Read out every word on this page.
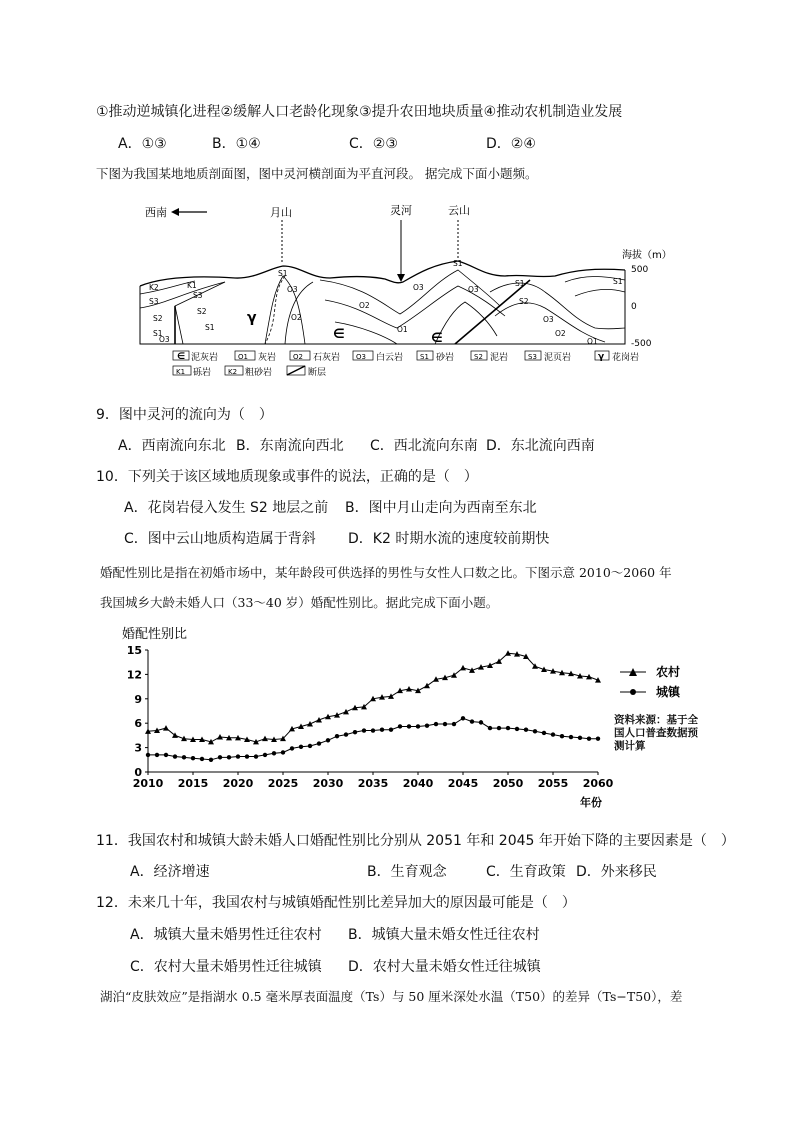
①推动逆城镇化进程②缓解人口老龄化现象③提升农田地块质量④推动农机制造业发展
A．①③	B．①④	C．②③	D．②④
下图为我国某地地质剖面图，图中灵河横剖面为平直河段。 据完成下面小题频。
西南	月山	灵河	云山
海拔（m）
500
0
-500
K2	K1
S3
S2
S1
O3
S3
S2
S1
S1
O3
O2
O3
O2
O1
S1
O3
S1
S2
O3
O2
O1
S1
γ
∈	∈
∈ 泥灰岩	O1 灰岩 O2 石灰岩 O3 白云岩 S1 砂岩	S2 泥岩	S3 泥页岩	γ 花岗岩
K1 砾岩 K2 粗砂岩	断层
9．图中灵河的流向为（　）
A．西南流向东北 B．东南流向西北 C．西北流向东南 D．东北流向西南
10．下列关于该区域地质现象或事件的说法，正确的是（　）
A．花岗岩侵入发生 S2 地层之前 B．图中月山走向为西南至东北
C．图中云山地质构造属于背斜 D．K2 时期水流的速度较前期快
婚配性别比是指在初婚市场中，某年龄段可供选择的男性与女性人口数之比。下图示意 2010～2060 年
我国城乡大龄未婚人口（33～40 岁）婚配性别比。据此完成下面小题。
婚配性别比
0
3
6
9
12
15
2010 2015 2020 2025 2030 2035 2040 2045 2050 2055 2060
年份
农村
城镇
资料来源：基于全国人口普查数据预测计算
11．我国农村和城镇大龄未婚人口婚配性别比分别从 2051 年和 2045 年开始下降的主要因素是（　）
A．经济增速	B．生育观念	C．生育政策 D．外来移民
12．未来几十年，我国农村与城镇婚配性别比差异加大的原因最可能是（　）
A．城镇大量未婚男性迁往农村 B．城镇大量未婚女性迁往农村
C．农村大量未婚男性迁往城镇 D．农村大量未婚女性迁往城镇
湖泊“皮肤效应”是指湖水 0.5 毫米厚表面温度（Ts）与 50 厘米深处水温（T50）的差异（Ts−T50），差
